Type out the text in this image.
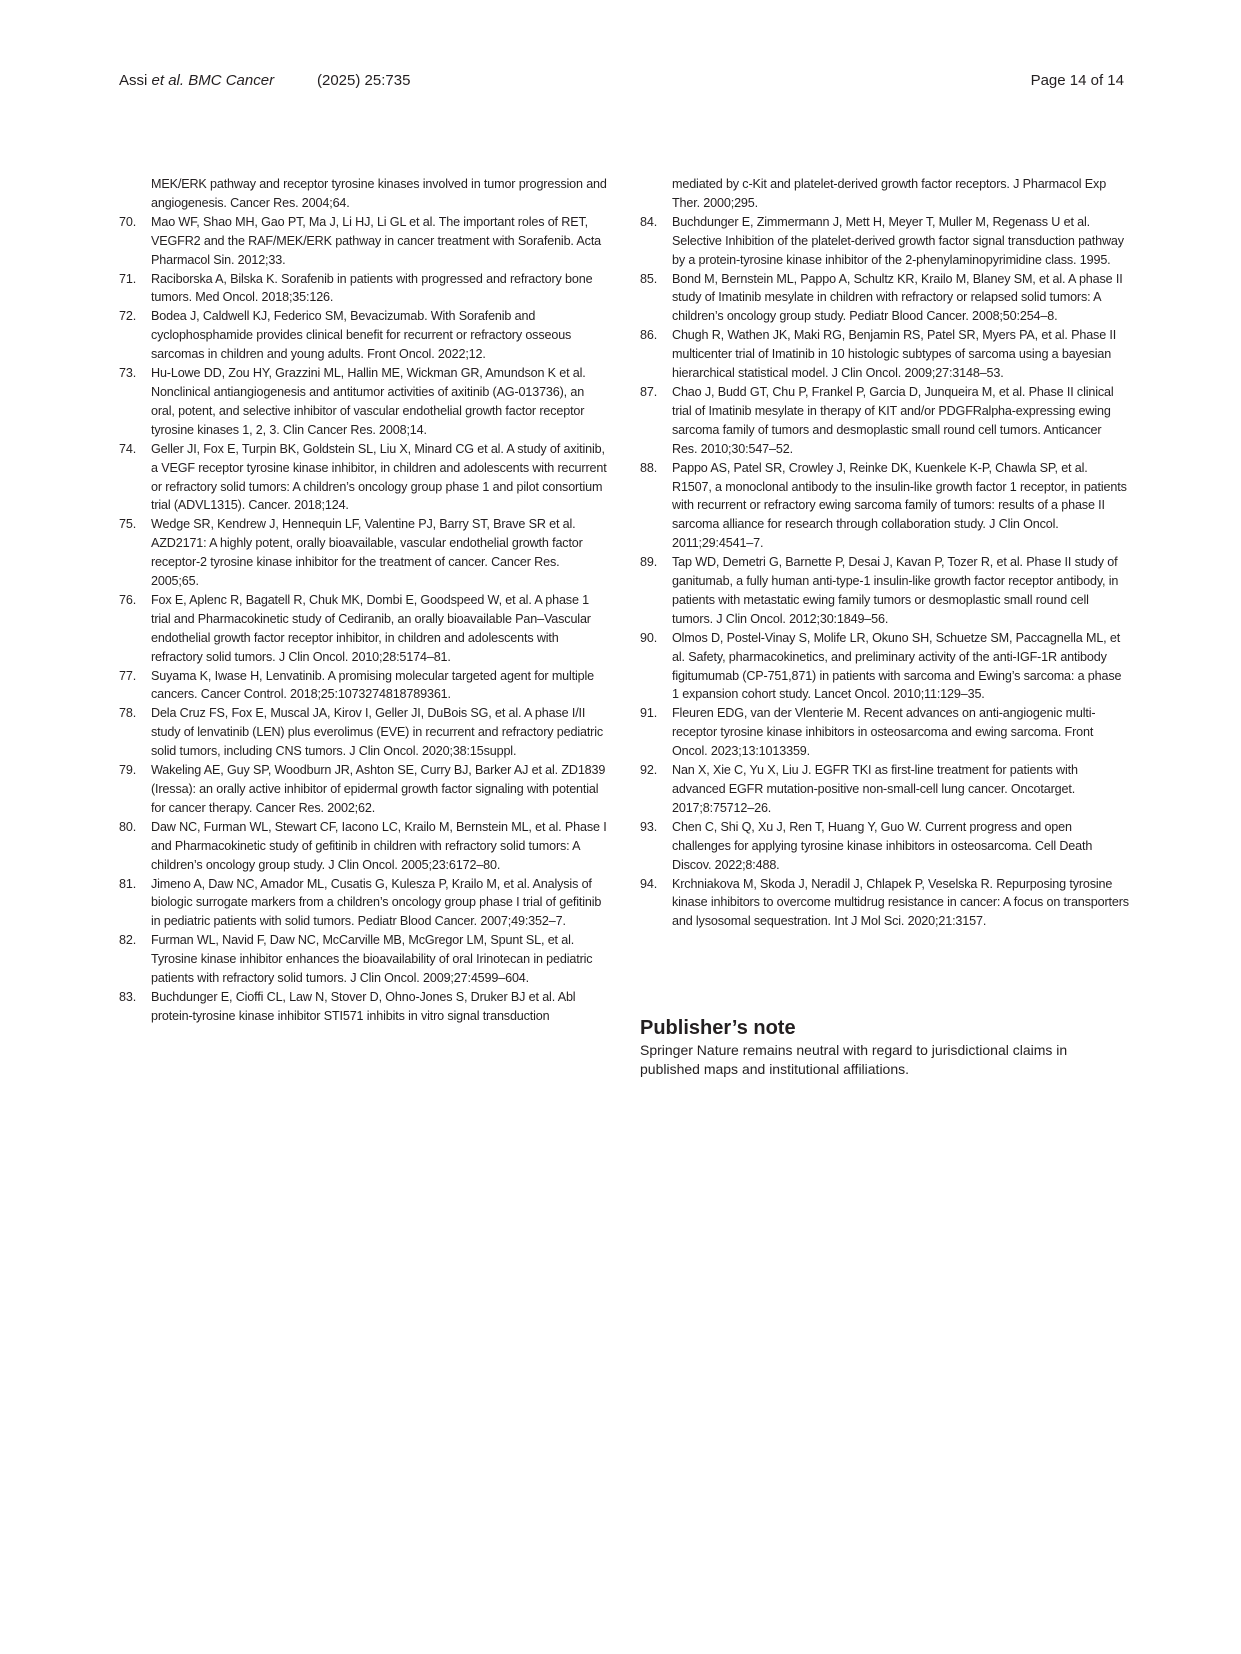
Assi et al. BMC Cancer	(2025) 25:735	Page 14 of 14
MEK/ERK pathway and receptor tyrosine kinases involved in tumor progression and angiogenesis. Cancer Res. 2004;64.
70.	Mao WF, Shao MH, Gao PT, Ma J, Li HJ, Li GL et al. The important roles of RET, VEGFR2 and the RAF/MEK/ERK pathway in cancer treatment with Sorafenib. Acta Pharmacol Sin. 2012;33.
71.	Raciborska A, Bilska K. Sorafenib in patients with progressed and refractory bone tumors. Med Oncol. 2018;35:126.
72.	Bodea J, Caldwell KJ, Federico SM, Bevacizumab. With Sorafenib and cyclophosphamide provides clinical benefit for recurrent or refractory osseous sarcomas in children and young adults. Front Oncol. 2022;12.
73.	Hu-Lowe DD, Zou HY, Grazzini ML, Hallin ME, Wickman GR, Amundson K et al. Nonclinical antiangiogenesis and antitumor activities of axitinib (AG-013736), an oral, potent, and selective inhibitor of vascular endothelial growth factor receptor tyrosine kinases 1, 2, 3. Clin Cancer Res. 2008;14.
74.	Geller JI, Fox E, Turpin BK, Goldstein SL, Liu X, Minard CG et al. A study of axitinib, a VEGF receptor tyrosine kinase inhibitor, in children and adolescents with recurrent or refractory solid tumors: A children’s oncology group phase 1 and pilot consortium trial (ADVL1315). Cancer. 2018;124.
75.	Wedge SR, Kendrew J, Hennequin LF, Valentine PJ, Barry ST, Brave SR et al. AZD2171: A highly potent, orally bioavailable, vascular endothelial growth factor receptor-2 tyrosine kinase inhibitor for the treatment of cancer. Cancer Res. 2005;65.
76.	Fox E, Aplenc R, Bagatell R, Chuk MK, Dombi E, Goodspeed W, et al. A phase 1 trial and Pharmacokinetic study of Cediranib, an orally bioavailable Pan–Vascular endothelial growth factor receptor inhibitor, in children and adolescents with refractory solid tumors. J Clin Oncol. 2010;28:5174–81.
77.	Suyama K, Iwase H, Lenvatinib. A promising molecular targeted agent for multiple cancers. Cancer Control. 2018;25:1073274818789361.
78.	Dela Cruz FS, Fox E, Muscal JA, Kirov I, Geller JI, DuBois SG, et al. A phase I/II study of lenvatinib (LEN) plus everolimus (EVE) in recurrent and refractory pediatric solid tumors, including CNS tumors. J Clin Oncol. 2020;38:15suppl.
79.	Wakeling AE, Guy SP, Woodburn JR, Ashton SE, Curry BJ, Barker AJ et al. ZD1839 (Iressa): an orally active inhibitor of epidermal growth factor signaling with potential for cancer therapy. Cancer Res. 2002;62.
80.	Daw NC, Furman WL, Stewart CF, Iacono LC, Krailo M, Bernstein ML, et al. Phase I and Pharmacokinetic study of gefitinib in children with refractory solid tumors: A children’s oncology group study. J Clin Oncol. 2005;23:6172–80.
81.	Jimeno A, Daw NC, Amador ML, Cusatis G, Kulesza P, Krailo M, et al. Analysis of biologic surrogate markers from a children’s oncology group phase I trial of gefitinib in pediatric patients with solid tumors. Pediatr Blood Cancer. 2007;49:352–7.
82.	Furman WL, Navid F, Daw NC, McCarville MB, McGregor LM, Spunt SL, et al. Tyrosine kinase inhibitor enhances the bioavailability of oral Irinotecan in pediatric patients with refractory solid tumors. J Clin Oncol. 2009;27:4599–604.
83.	Buchdunger E, Cioffi CL, Law N, Stover D, Ohno-Jones S, Druker BJ et al. Abl protein-tyrosine kinase inhibitor STI571 inhibits in vitro signal transduction
mediated by c-Kit and platelet-derived growth factor receptors. J Pharmacol Exp Ther. 2000;295.
84.	Buchdunger E, Zimmermann J, Mett H, Meyer T, Muller M, Regenass U et al. Selective Inhibition of the platelet-derived growth factor signal transduction pathway by a protein-tyrosine kinase inhibitor of the 2-phenylaminopyrimidine class. 1995.
85.	Bond M, Bernstein ML, Pappo A, Schultz KR, Krailo M, Blaney SM, et al. A phase II study of Imatinib mesylate in children with refractory or relapsed solid tumors: A children’s oncology group study. Pediatr Blood Cancer. 2008;50:254–8.
86.	Chugh R, Wathen JK, Maki RG, Benjamin RS, Patel SR, Myers PA, et al. Phase II multicenter trial of Imatinib in 10 histologic subtypes of sarcoma using a bayesian hierarchical statistical model. J Clin Oncol. 2009;27:3148–53.
87.	Chao J, Budd GT, Chu P, Frankel P, Garcia D, Junqueira M, et al. Phase II clinical trial of Imatinib mesylate in therapy of KIT and/or PDGFRalpha-expressing ewing sarcoma family of tumors and desmoplastic small round cell tumors. Anticancer Res. 2010;30:547–52.
88.	Pappo AS, Patel SR, Crowley J, Reinke DK, Kuenkele K-P, Chawla SP, et al. R1507, a monoclonal antibody to the insulin-like growth factor 1 receptor, in patients with recurrent or refractory ewing sarcoma family of tumors: results of a phase II sarcoma alliance for research through collaboration study. J Clin Oncol. 2011;29:4541–7.
89.	Tap WD, Demetri G, Barnette P, Desai J, Kavan P, Tozer R, et al. Phase II study of ganitumab, a fully human anti-type-1 insulin-like growth factor receptor antibody, in patients with metastatic ewing family tumors or desmoplastic small round cell tumors. J Clin Oncol. 2012;30:1849–56.
90.	Olmos D, Postel-Vinay S, Molife LR, Okuno SH, Schuetze SM, Paccagnella ML, et al. Safety, pharmacokinetics, and preliminary activity of the anti-IGF-1R antibody figitumumab (CP-751,871) in patients with sarcoma and Ewing’s sarcoma: a phase 1 expansion cohort study. Lancet Oncol. 2010;11:129–35.
91.	Fleuren EDG, van der Vlenterie M. Recent advances on anti-angiogenic multi-receptor tyrosine kinase inhibitors in osteosarcoma and ewing sarcoma. Front Oncol. 2023;13:1013359.
92.	Nan X, Xie C, Yu X, Liu J. EGFR TKI as first-line treatment for patients with advanced EGFR mutation-positive non-small-cell lung cancer. Oncotarget. 2017;8:75712–26.
93.	Chen C, Shi Q, Xu J, Ren T, Huang Y, Guo W. Current progress and open challenges for applying tyrosine kinase inhibitors in osteosarcoma. Cell Death Discov. 2022;8:488.
94.	Krchniakova M, Skoda J, Neradil J, Chlapek P, Veselska R. Repurposing tyrosine kinase inhibitors to overcome multidrug resistance in cancer: A focus on transporters and lysosomal sequestration. Int J Mol Sci. 2020;21:3157.
Publisher’s note

Springer Nature remains neutral with regard to jurisdictional claims in published maps and institutional affiliations.
